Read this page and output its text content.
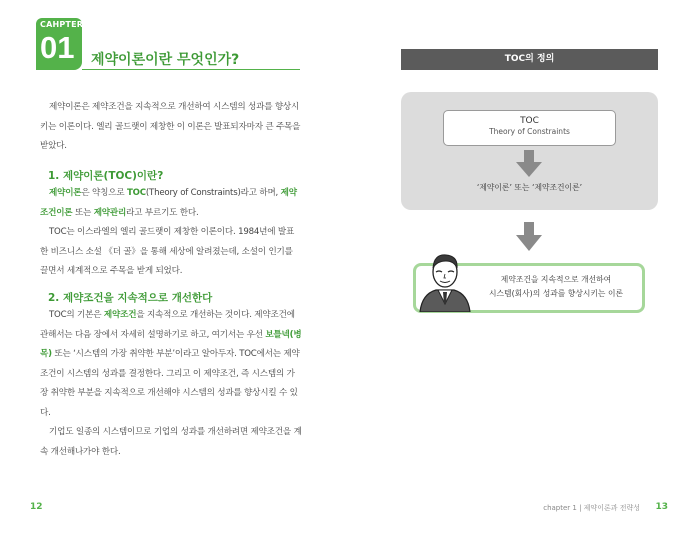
CAHPTER 1
01 제약이론이란 무엇인가?

제약이론은 제약조건을 지속적으로 개선하여 시스템의 성과를 향상시키는 이론이다. 엘리 골드랫이 제창한 이 이론은 발표되자마자 큰 주목을 받았다.

1. 제약이론(TOC)이란?

제약이론은 약칭으로 TOC(Theory of Constraints)라고 하며, 제약조건이론 또는 제약관리라고 부르기도 한다.

TOC는 이스라엘의 엘리 골드랫이 제창한 이론이다. 1984년에 발표한 비즈니스 소설 《더 골》을 통해 세상에 알려졌는데, 소설이 인기를 끌면서 세계적으로 주목을 받게 되었다.

2. 제약조건을 지속적으로 개선한다

TOC의 기본은 제약조건을 지속적으로 개선하는 것이다. 제약조건에 관해서는 다음 장에서 자세히 설명하기로 하고, 여기서는 우선 보틀넥(병목) 또는 ‘시스템의 가장 취약한 부분’이라고 알아두자. TOC에서는 제약조건이 시스템의 성과를 결정한다. 그리고 이 제약조건, 즉 시스템의 가장 취약한 부분을 지속적으로 개선해야 시스템의 성과를 향상시킬 수 있다.

기업도 일종의 시스템이므로 기업의 성과를 개선하려면 제약조건을 계속 개선해나가야 한다.

12	chapter 1 | 제약이론과 전략성 13
TOC의 정의
TOC
Theory of Constraints
‘제약이론’ 또는 ‘제약조건이론’
제약조건을 지속적으로 개선하여
시스템(회사)의 성과를 향상시키는 이론
